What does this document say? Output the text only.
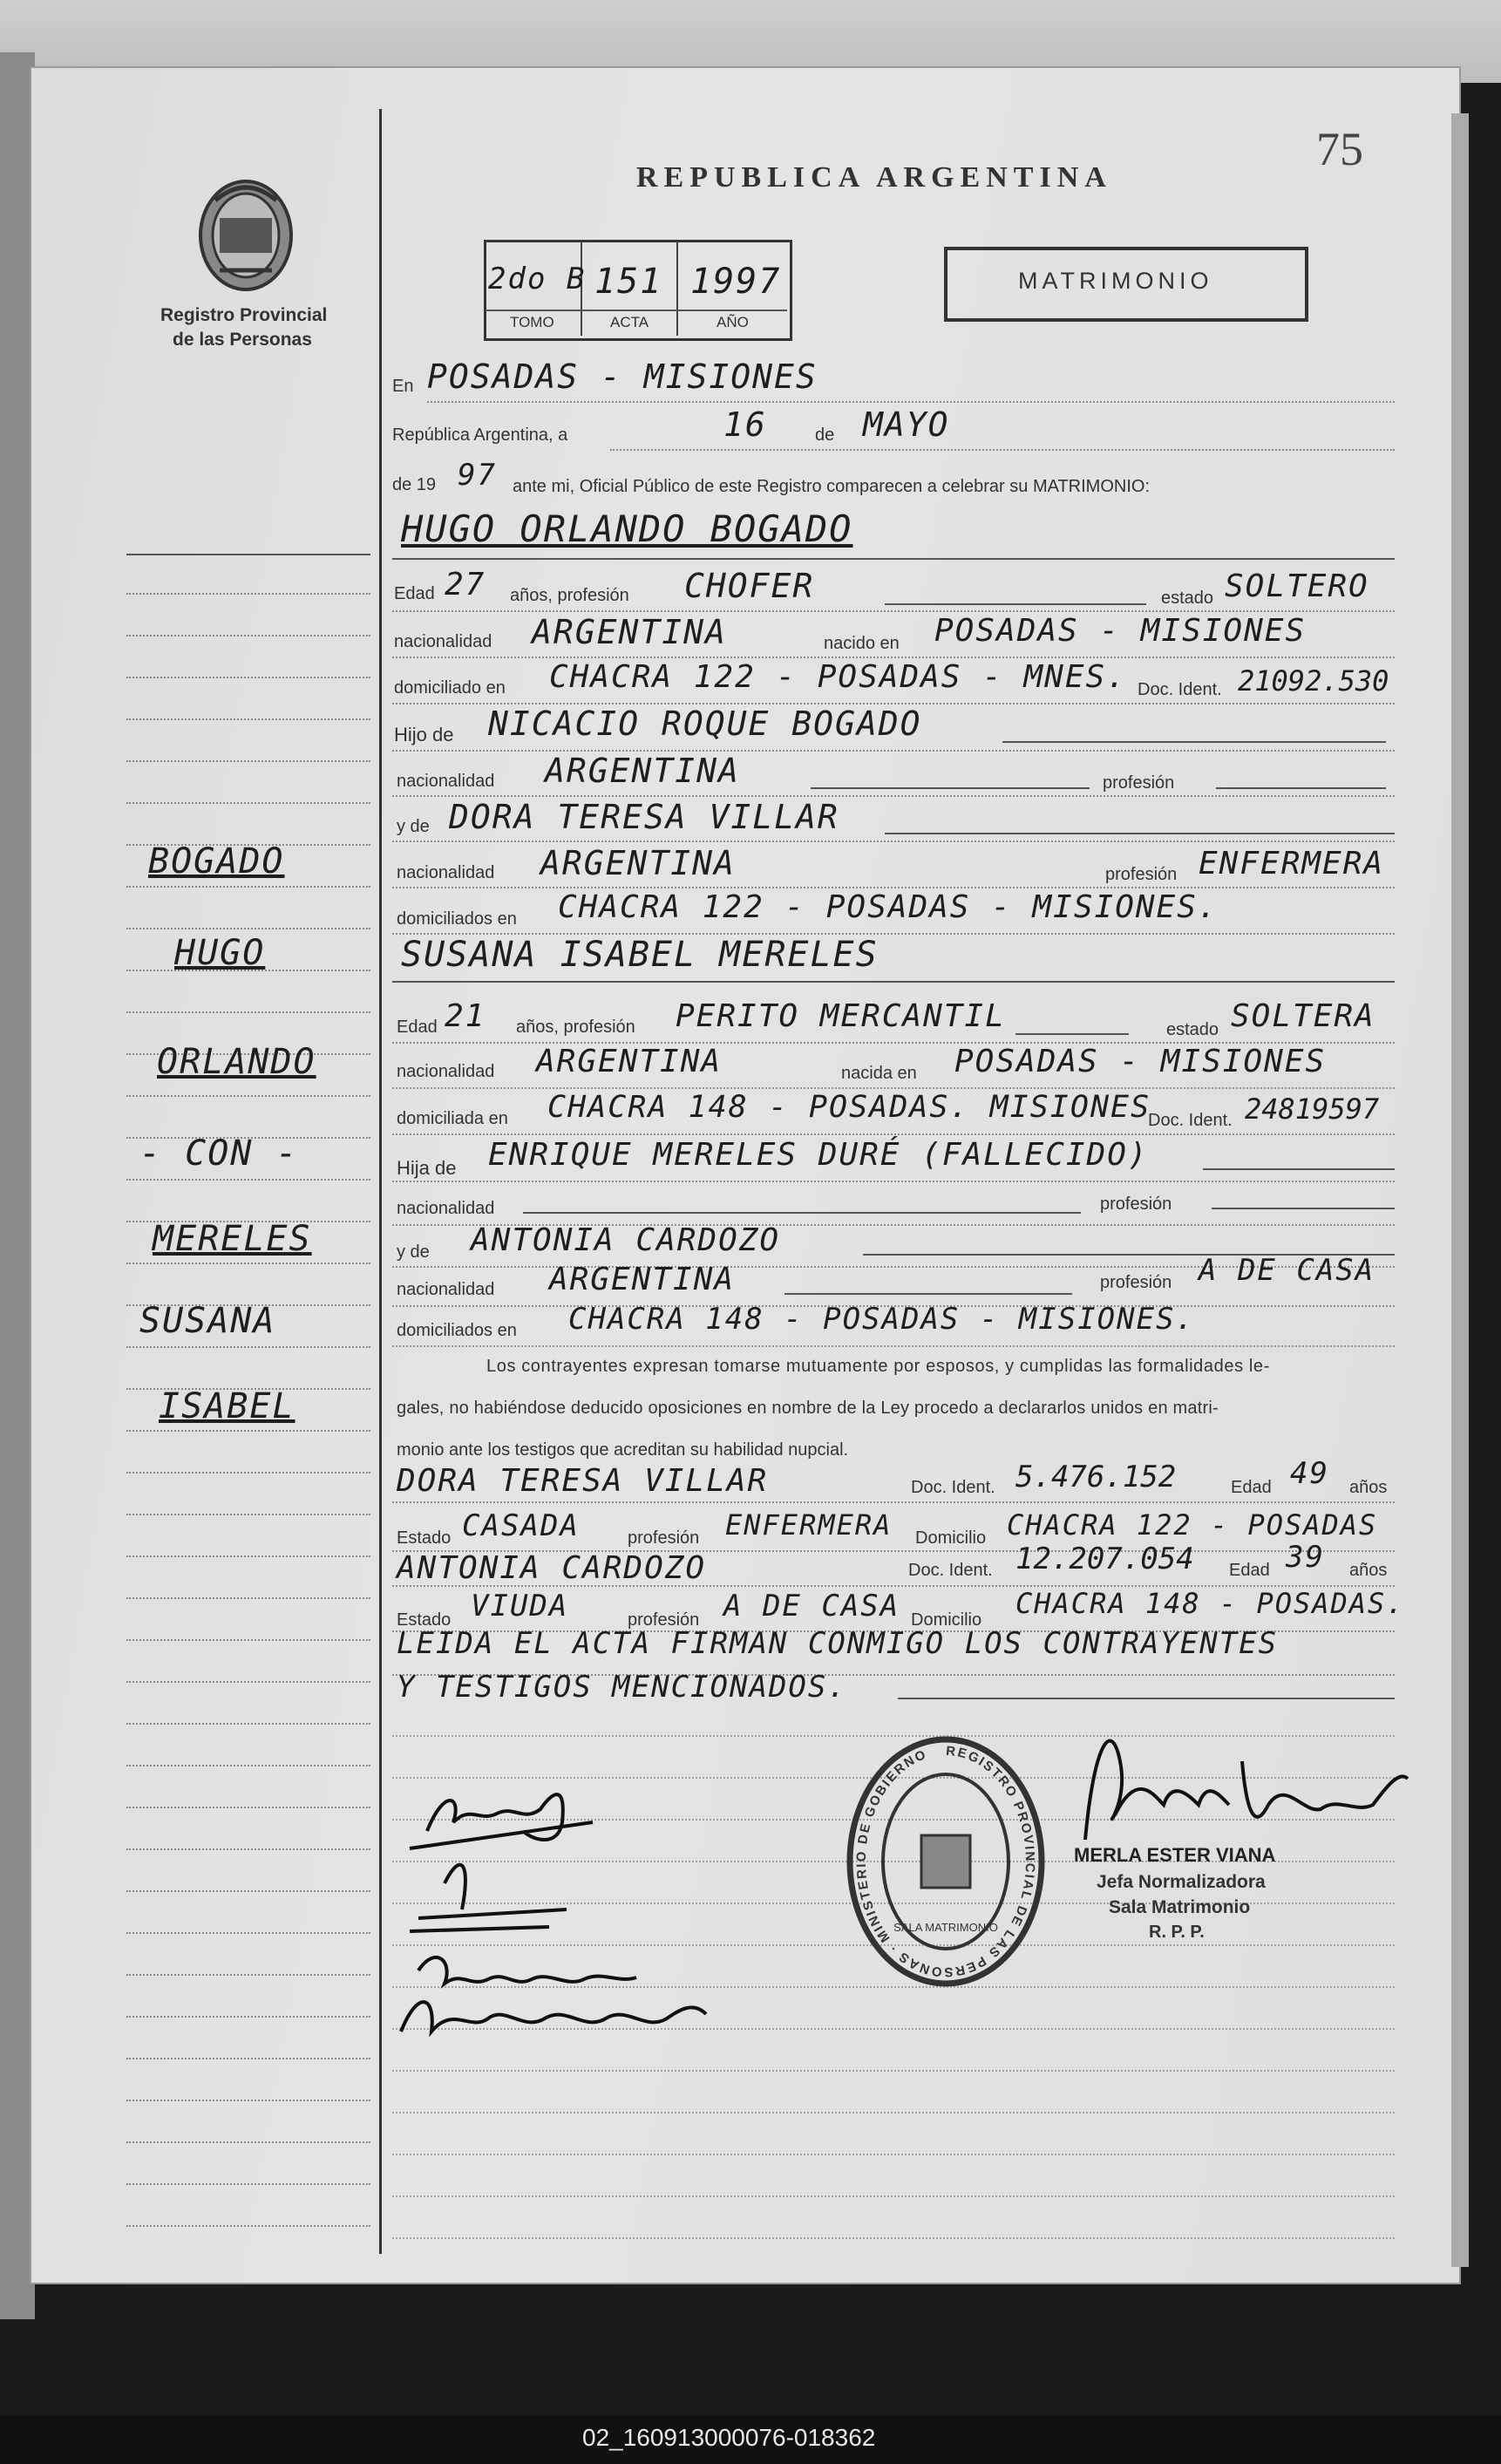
75
REPUBLICA ARGENTINA
Registro Provincial
de las Personas
2do B 151 1997
TOMO	ACTA	AÑO
MATRIMONIO
BOGADO
HUGO
ORLANDO
- CON -
MERELES
SUSANA
ISABEL
En POSADAS - MISIONES
República Argentina, a	16	de MAYO
de 19 97 ante mi, Oficial Público de este Registro comparecen a celebrar su MATRIMONIO:
HUGO ORLANDO BOGADO
Edad 27 años, profesión CHOFER	estado SOLTERO
nacionalidad ARGENTINA	nacido en POSADAS - MISIONES
domiciliado en CHACRA 122 - POSADAS - MNES. Doc. Ident. 21092.530
Hijo de NICACIO ROQUE BOGADO
nacionalidad ARGENTINA	profesión
y de DORA TERESA VILLAR
nacionalidad ARGENTINA	profesión ENFERMERA
domiciliados en CHACRA 122 - POSADAS - MISIONES.
SUSANA ISABEL MERELES
Edad 21 años, profesión PERITO MERCANTIL	estado SOLTERA
nacionalidad ARGENTINA	nacida en POSADAS - MISIONES
domiciliada en CHACRA 148 - POSADAS. MISIONES
Doc. Ident. 24819597
Hija de ENRIQUE MERELES DURÉ (FALLECIDO)
nacionalidad	profesión
y de ANTONIA CARDOZO
nacionalidad ARGENTINA	profesión A DE CASA
domiciliados en CHACRA 148 - POSADAS - MISIONES.
Los contrayentes expresan tomarse mutuamente por esposos, y cumplidas las formalidades le-
gales, no habiéndose deducido oposiciones en nombre de la Ley procedo a declararlos unidos en matri-
monio ante los testigos que acreditan su habilidad nupcial.
DORA TERESA VILLAR	Doc. Ident. 5.476.152	Edad 49 años
Estado CASADA	profesión ENFERMERA Domicilio CHACRA 122 - POSADAS
ANTONIA CARDOZO	Doc. Ident. 12.207.054 Edad 39 años
Estado VIUDA	profesión A DE CASA Domicilio CHACRA 148 - POSADAS.
LEIDA EL ACTA FIRMAN CONMIGO LOS CONTRAYENTES
Y TESTIGOS MENCIONADOS.
REGISTRO PROVINCIAL DE LAS PERSONAS · MINISTERIO DE GOBIERNO
SALA MATRIMONIO
MERLA ESTER VIANA
Jefa Normalizadora
Sala Matrimonio
R. P. P.
02_160913000076-018362
